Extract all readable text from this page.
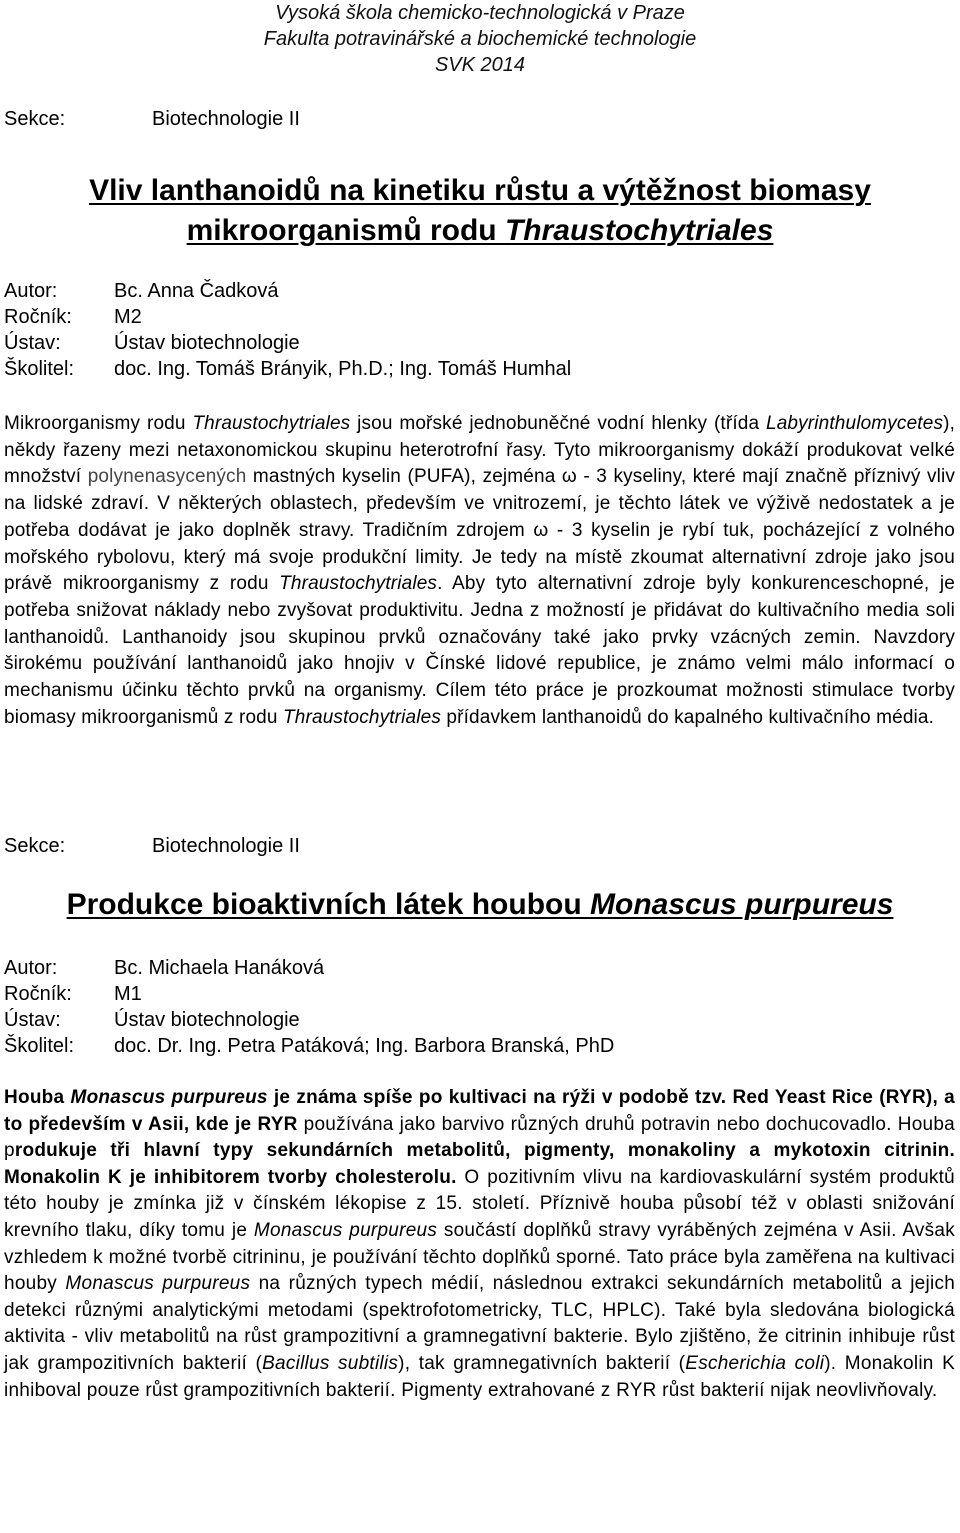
Vysoká škola chemicko-technologická v Praze
Fakulta potravinářské a biochemické technologie
SVK 2014
Sekce:	Biotechnologie II
Vliv lanthanoidů na kinetiku růstu a výtěžnost biomasy
mikroorganismů rodu Thraustochytriales
Autor:	Bc. Anna Čadková
Ročník: M2
Ústav:	Ústav biotechnologie
Školitel: doc. Ing. Tomáš Brányik, Ph.D.; Ing. Tomáš Humhal
Mikroorganismy rodu Thraustochytriales jsou mořské jednobuněčné vodní hlenky (třída Labyrinthulomycetes), někdy řazeny mezi netaxonomickou skupinu heterotrofní řasy. Tyto mikroorganismy dokáží produkovat velké množství polynenasycených mastných kyselin (PUFA), zejména ω - 3 kyseliny, které mají značně příznivý vliv na lidské zdraví. V některých oblastech, především ve vnitrozemí, je těchto látek ve výživě nedostatek a je potřeba dodávat je jako doplněk stravy. Tradičním zdrojem ω - 3 kyselin je rybí tuk, pocházející z volného mořského rybolovu, který má svoje produkční limity. Je tedy na místě zkoumat alternativní zdroje jako jsou právě mikroorganismy z rodu Thraustochytriales. Aby tyto alternativní zdroje byly konkurenceschopné, je potřeba snižovat náklady nebo zvyšovat produktivitu. Jedna z možností je přidávat do kultivačního media soli lanthanoidů. Lanthanoidy jsou skupinou prvků označovány také jako prvky vzácných zemin. Navzdory širokému používání lanthanoidů jako hnojiv v Čínské lidové republice, je známo velmi málo informací o mechanismu účinku těchto prvků na organismy. Cílem této práce je prozkoumat možnosti stimulace tvorby biomasy mikroorganismů z rodu Thraustochytriales přídavkem lanthanoidů do kapalného kultivačního média.
Sekce:	Biotechnologie II
Produkce bioaktivních látek houbou Monascus purpureus
Autor:	Bc. Michaela Hanáková
Ročník: M1
Ústav:	Ústav biotechnologie
Školitel: doc. Dr. Ing. Petra Patáková; Ing. Barbora Branská, PhD
Houba Monascus purpureus je známa spíše po kultivaci na rýži v podobě tzv. Red Yeast Rice (RYR), a to především v Asii, kde je RYR používána jako barvivo různých druhů potravin nebo dochucovadlo. Houba produkuje tři hlavní typy sekundárních metabolitů, pigmenty, monakoliny a mykotoxin citrinin. Monakolin K je inhibitorem tvorby cholesterolu. O pozitivním vlivu na kardiovaskulární systém produktů této houby je zmínka již v čínském lékopise z 15. století. Příznivě houba působí též v oblasti snižování krevního tlaku, díky tomu je Monascus purpureus součástí doplňků stravy vyráběných zejména v Asii. Avšak vzhledem k možné tvorbě citrininu, je používání těchto doplňků sporné. Tato práce byla zaměřena na kultivaci houby Monascus purpureus na různých typech médií, následnou extrakci sekundárních metabolitů a jejich detekci různými analytickými metodami (spektrofotometricky, TLC, HPLC). Také byla sledována biologická aktivita - vliv metabolitů na růst grampozitivní a gramnegativní bakterie. Bylo zjištěno, že citrinin inhibuje růst jak grampozitivních bakterií (Bacillus subtilis), tak gramnegativních bakterií (Escherichia coli). Monakolin K inhiboval pouze růst grampozitivních bakterií. Pigmenty extrahované z RYR růst bakterií nijak neovlivňovaly.
